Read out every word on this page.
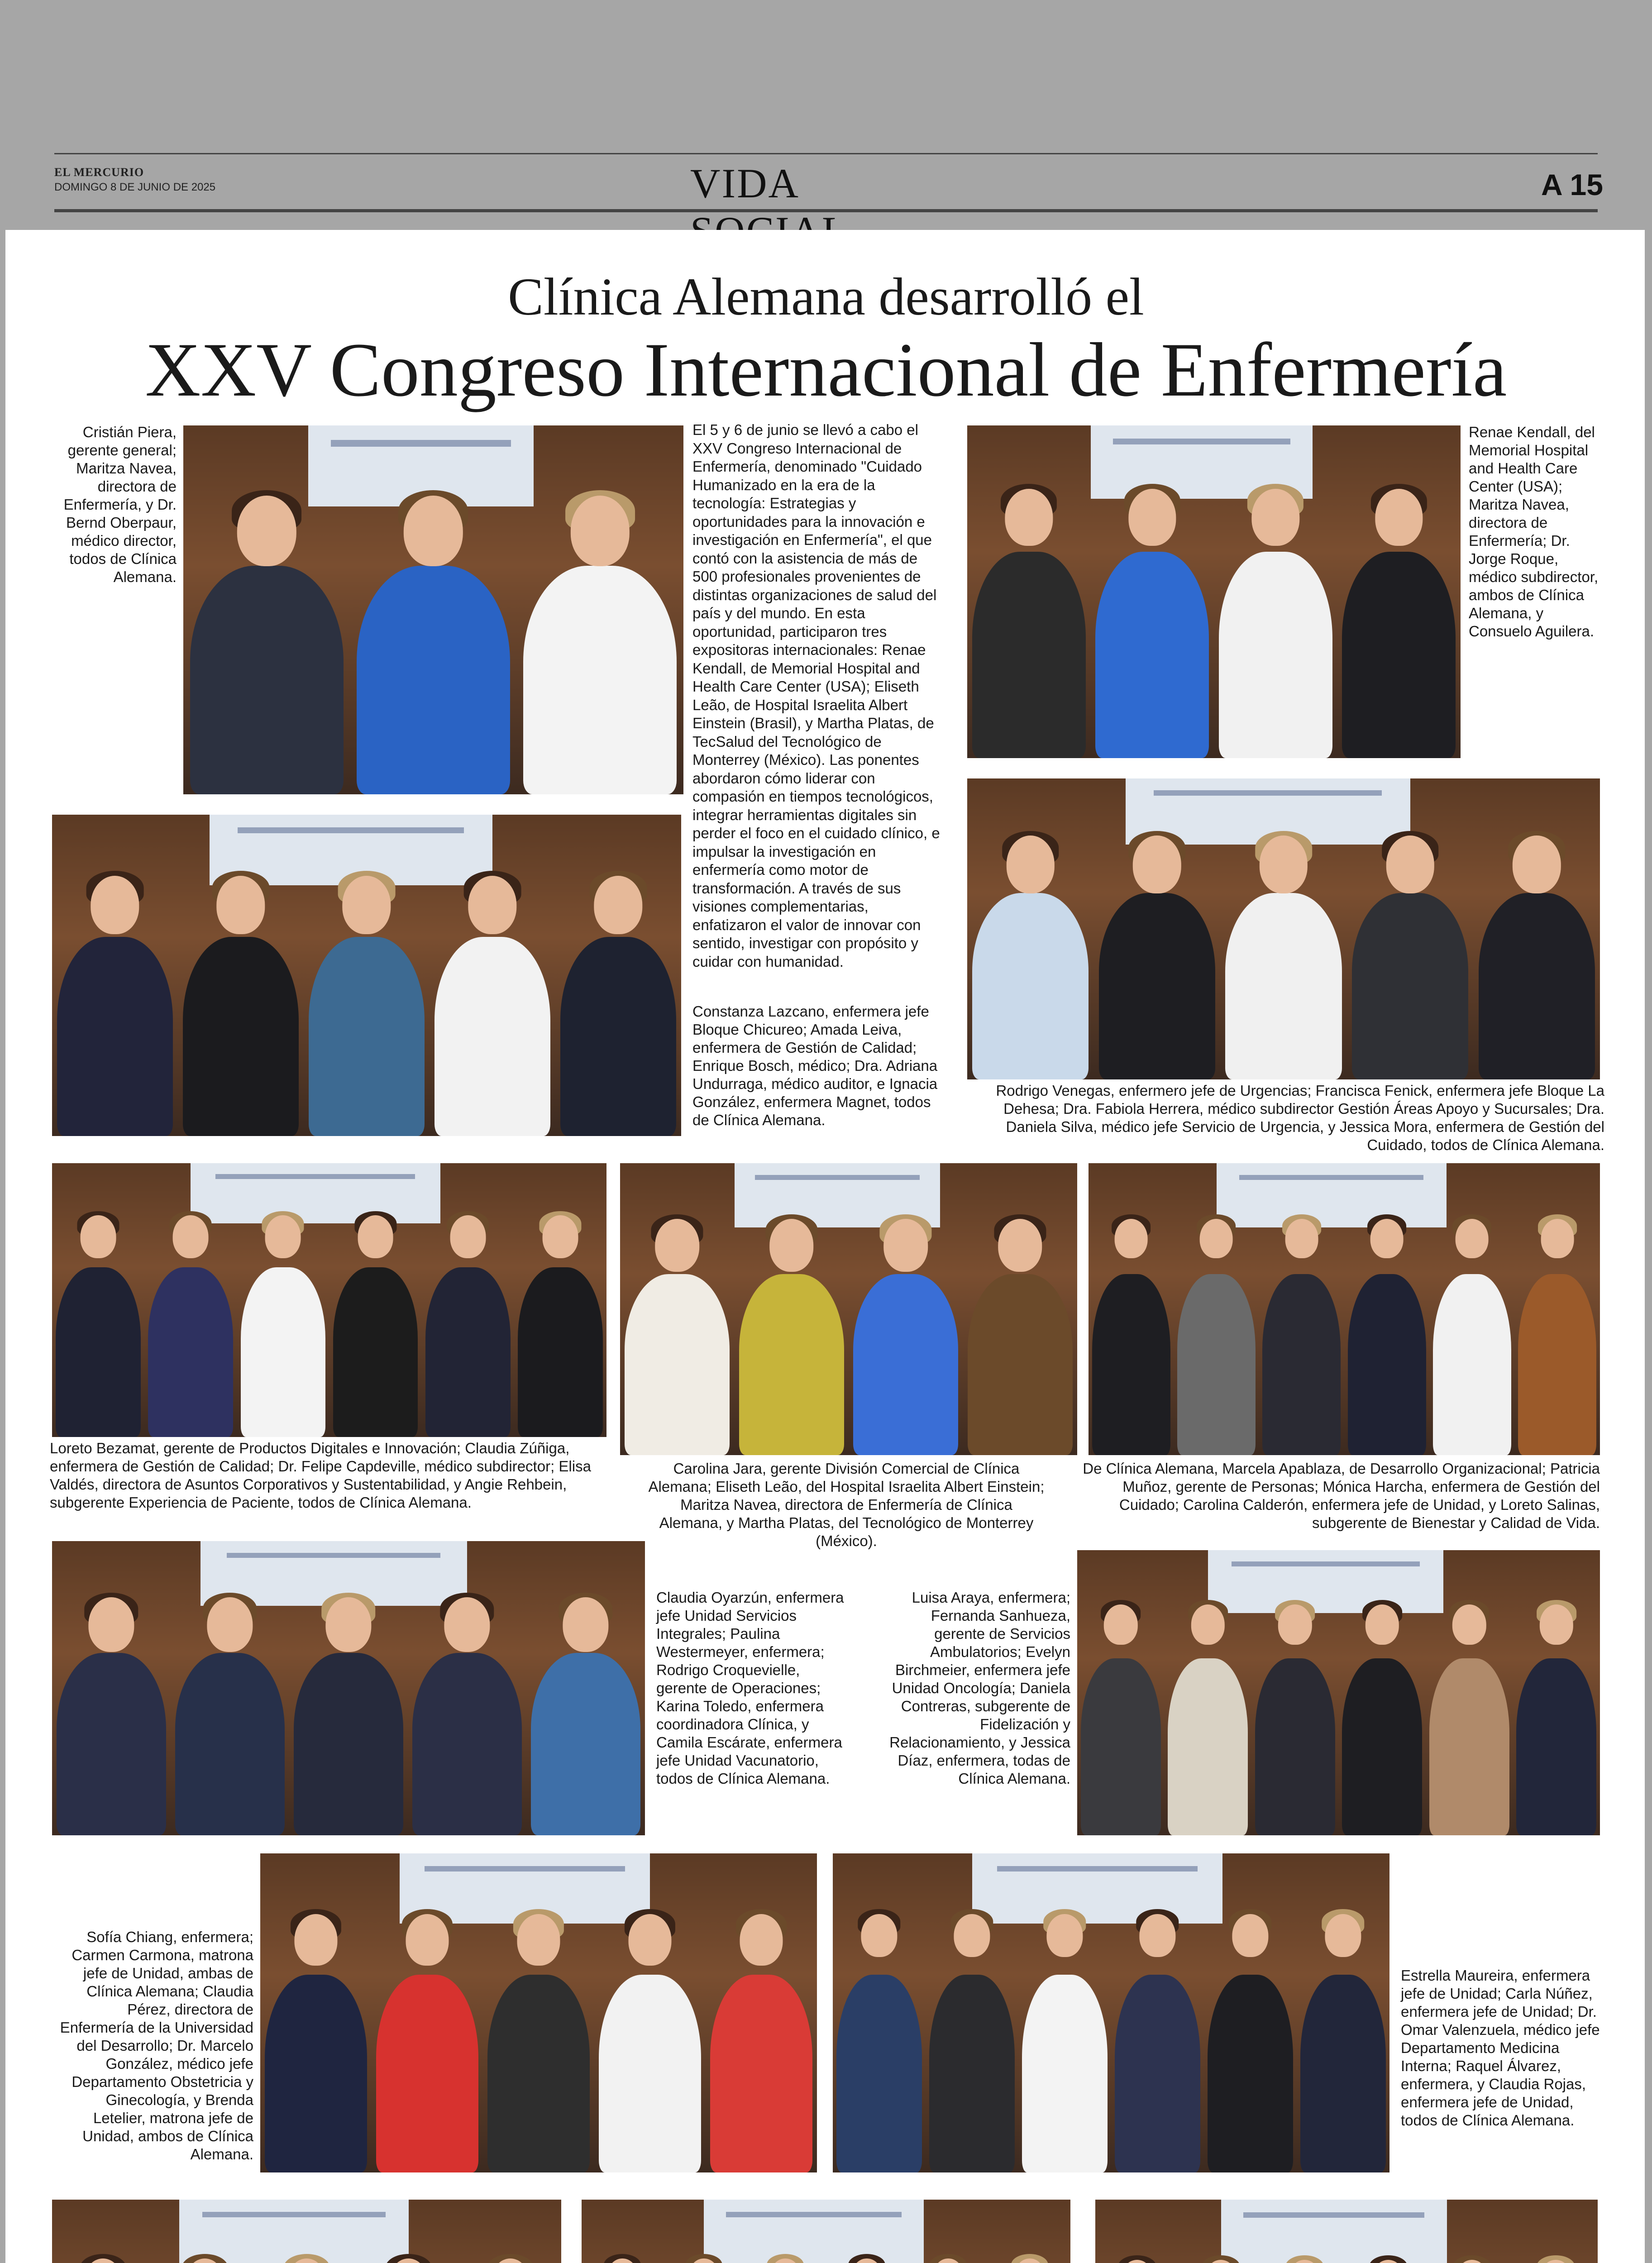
EL MERCURIO
DOMINGO 8 DE JUNIO DE 2025	VIDA	A 15
Clínica Alemana desarrolló el
XXV Congreso Internacional de Enfermería
El 5 y 6 de junio se llevó a cabo el XXV Congreso Internacional de Enfermería, denominado "Cuidado Humanizado en la era de la tecnología: Estrategias y oportunidades para la innovación e investigación en Enfermería", el que contó con la asistencia de más de 500 profesionales provenientes de distintas organizaciones de salud del país y del mundo. En esta oportunidad, participaron tres expositoras internacionales: Renae Kendall, de Memorial Hospital and Health Care Center (USA); Eliseth Leão, de Hospital Israelita Albert Einstein (Brasil), y Martha Platas, de TecSalud del Tecnológico de Monterrey (México). Las ponentes abordaron cómo liderar con compasión en tiempos tecnológicos, integrar herramientas digitales sin perder el foco en el cuidado clínico, e impulsar la investigación en enfermería como motor de transformación. A través de sus visiones complementarias, enfatizaron el valor de innovar con sentido, investigar con propósito y cuidar con humanidad.
Cristián Piera, gerente general; Maritza Navea, directora de Enfermería, y Dr. Bernd Oberpaur, médico director, todos de Clínica Alemana.
Renae Kendall, del Memorial Hospital and Health Care Center (USA); Maritza Navea, directora de Enfermería; Dr. Jorge Roque, médico subdirector, ambos de Clínica Alemana, y Consuelo Aguilera.
Constanza Lazcano, enfermera jefe Bloque Chicureo; Amada Leiva, enfermera de Gestión de Calidad; Enrique Bosch, médico; Dra. Adriana Undurraga, médico auditor, e Ignacia González, enfermera Magnet, todos de Clínica Alemana.
Rodrigo Venegas, enfermero jefe de Urgencias; Francisca Fenick, enfermera jefe Bloque La Dehesa; Dra. Fabiola Herrera, médico subdirector Gestión Áreas Apoyo y Sucursales; Dra. Daniela Silva, médico jefe Servicio de Urgencia, y Jessica Mora, enfermera de Gestión del Cuidado, todos de Clínica Alemana.
Loreto Bezamat, gerente de Productos Digitales e Innovación; Claudia Zúñiga, enfermera de Gestión de Calidad; Dr. Felipe Capdeville, médico subdirector; Elisa Valdés, directora de Asuntos Corporativos y Sustentabilidad, y Angie Rehbein, subgerente Experiencia de Paciente, todos de Clínica Alemana.
Carolina Jara, gerente División Comercial de Clínica Alemana; Eliseth Leão, del Hospital Israelita Albert Einstein; Maritza Navea, directora de Enfermería de Clínica Alemana, y Martha Platas, del Tecnológico de Monterrey (México).
De Clínica Alemana, Marcela Apablaza, de Desarrollo Organizacional; Patricia Muñoz, gerente de Personas; Mónica Harcha, enfermera de Gestión del Cuidado; Carolina Calderón, enfermera jefe de Unidad, y Loreto Salinas, subgerente de Bienestar y Calidad de Vida.
Claudia Oyarzún, enfermera jefe Unidad Servicios Integrales; Paulina Westermeyer, enfermera; Rodrigo Croquevielle, gerente de Operaciones; Karina Toledo, enfermera coordinadora Clínica, y Camila Escárate, enfermera jefe Unidad Vacunatorio, todos de Clínica Alemana.
Luisa Araya, enfermera; Fernanda Sanhueza, gerente de Servicios Ambulatorios; Evelyn Birchmeier, enfermera jefe Unidad Oncología; Daniela Contreras, subgerente de Fidelización y Relacionamiento, y Jessica Díaz, enfermera, todas de Clínica Alemana.
Sofía Chiang, enfermera; Carmen Carmona, matrona jefe de Unidad, ambas de Clínica Alemana; Claudia Pérez, directora de Enfermería de la Universidad del Desarrollo; Dr. Marcelo González, médico jefe Departamento Obstetricia y Ginecología, y Brenda Letelier, matrona jefe de Unidad, ambos de Clínica Alemana.
Estrella Maureira, enfermera jefe de Unidad; Carla Núñez, enfermera jefe de Unidad; Dr. Omar Valenzuela, médico jefe Departamento Medicina Interna; Raquel Álvarez, enfermera, y Claudia Rojas, enfermera jefe de Unidad, todos de Clínica Alemana.
